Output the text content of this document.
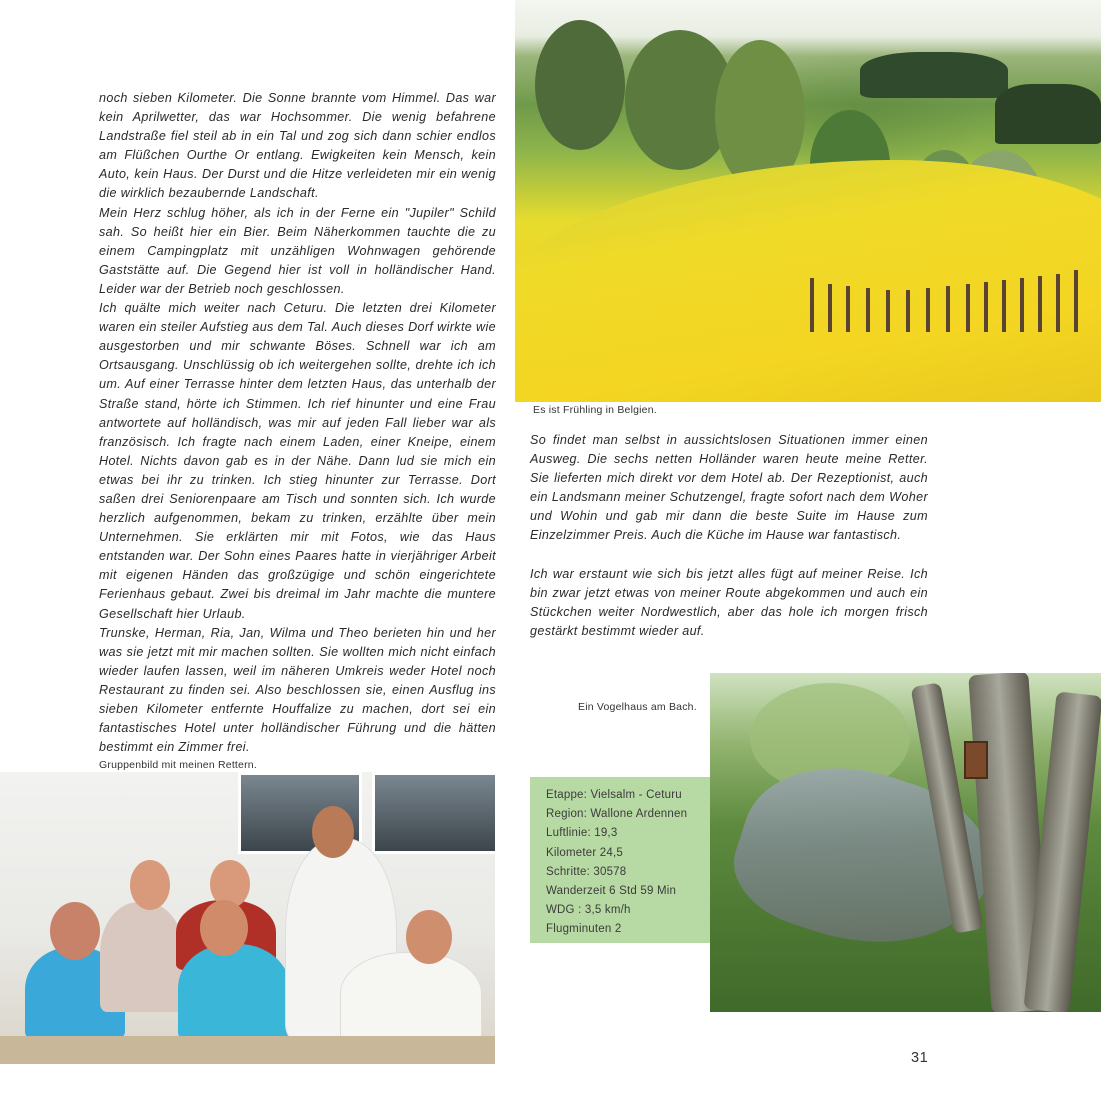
noch sieben Kilometer. Die Sonne brannte vom Himmel. Das war kein Aprilwetter, das war Hochsommer. Die wenig befahrene Landstraße fiel steil ab in ein Tal und zog sich dann schier endlos am Flüßchen Ourthe Or entlang. Ewigkeiten kein Mensch, kein Auto, kein Haus. Der Durst und die Hitze verleideten mir ein wenig die wirklich bezaubernde Landschaft.

Mein Herz schlug höher, als ich in der Ferne ein "Jupiler" Schild sah. So heißt hier ein Bier. Beim Näherkommen tauchte die zu einem Campingplatz mit unzähligen Wohnwagen gehörende Gaststätte auf. Die Gegend hier ist voll in holländischer Hand. Leider war der Betrieb noch geschlossen.

Ich quälte mich weiter nach Ceturu. Die letzten drei Kilometer waren ein steiler Aufstieg aus dem Tal. Auch dieses Dorf wirkte wie ausgestorben und mir schwante Böses. Schnell war ich am Ortsausgang. Unschlüssig ob ich weitergehen sollte, drehte ich ich um. Auf einer Terrasse hinter dem letzten Haus, das unterhalb der Straße stand, hörte ich Stimmen. Ich rief hinunter und eine Frau antwortete auf holländisch, was mir auf jeden Fall lieber war als französisch. Ich fragte nach einem Laden, einer Kneipe, einem Hotel. Nichts davon gab es in der Nähe. Dann lud sie mich ein etwas bei ihr zu trinken. Ich stieg hinunter zur Terrasse. Dort saßen drei Seniorenpaare am Tisch und sonnten sich. Ich wurde herzlich aufgenommen, bekam zu trinken, erzählte über mein Unternehmen. Sie erklärten mir mit Fotos, wie das Haus entstanden war. Der Sohn eines Paares hatte in vierjähriger Arbeit mit eigenen Händen das großzügige und schön eingerichtete Ferienhaus gebaut. Zwei bis dreimal im Jahr machte die muntere Gesellschaft hier Urlaub.

Trunske, Herman, Ria, Jan, Wilma und Theo berieten hin und her was sie jetzt mit mir machen sollten. Sie wollten mich nicht einfach wieder laufen lassen, weil im näheren Umkreis weder Hotel noch Restaurant zu finden sei. Also beschlossen sie, einen Ausflug ins sieben Kilometer entfernte Houffalize zu machen, dort sei ein fantastisches Hotel unter holländischer Führung und die hätten bestimmt ein Zimmer frei.

Es ist Frühling in Belgien.

So findet man selbst in aussichtslosen Situationen immer einen Ausweg. Die sechs netten Holländer waren heute meine Retter. Sie lieferten mich direkt vor dem Hotel ab. Der Rezeptionist, auch ein Landsmann meiner Schutzengel, fragte sofort nach dem Woher und Wohin und gab mir dann die beste Suite im Hause zum Einzelzimmer Preis. Auch die Küche im Hause war fantastisch.

Ich war erstaunt wie sich bis jetzt alles fügt auf meiner Reise. Ich bin zwar jetzt etwas von meiner Route abgekommen und auch ein Stückchen weiter Nordwestlich, aber das hole ich morgen frisch gestärkt bestimmt wieder auf.

Ein Vogelhaus am Bach.
Etappe: Vielsalm - Ceturu
Region: Wallone Ardennen
Luftlinie: 19,3
Kilometer 24,5
Schritte: 30578
Wanderzeit 6 Std 59 Min
WDG : 3,5 km/h
Flugminuten 2
Gruppenbild mit meinen Rettern.
31
